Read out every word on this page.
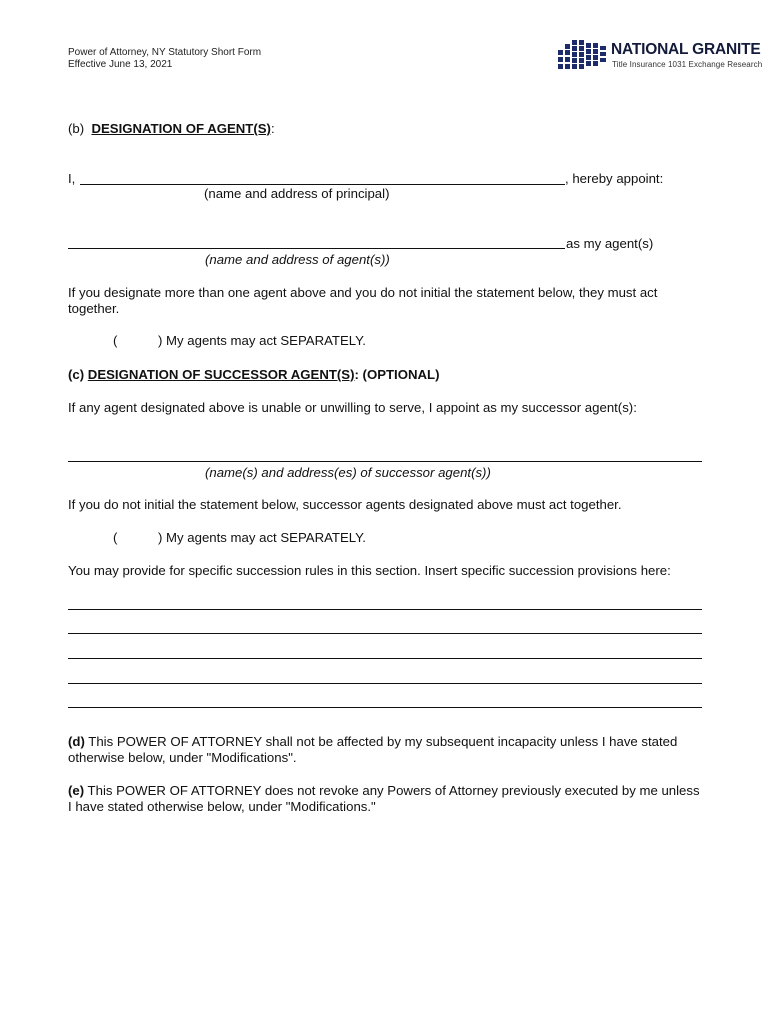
Power of Attorney, NY Statutory Short Form
Effective June 13, 2021
NATIONAL GRANITE
Title Insurance 1031 Exchange Research
(b) DESIGNATION OF AGENT(S):
I,	, hereby appoint:
(name and address of principal)
as my agent(s)
(name and address of agent(s))
If you designate more than one agent above and you do not initial the statement below, they must act together.
(	) My agents may act SEPARATELY.
(c) DESIGNATION OF SUCCESSOR AGENT(S): (OPTIONAL)
If any agent designated above is unable or unwilling to serve, I appoint as my successor agent(s):
(name(s) and address(es) of successor agent(s))
If you do not initial the statement below, successor agents designated above must act together.
(	) My agents may act SEPARATELY.
You may provide for specific succession rules in this section. Insert specific succession provisions here:
(d) This POWER OF ATTORNEY shall not be affected by my subsequent incapacity unless I have stated otherwise below, under "Modifications".
(e) This POWER OF ATTORNEY does not revoke any Powers of Attorney previously executed by me unless I have stated otherwise below, under "Modifications."
